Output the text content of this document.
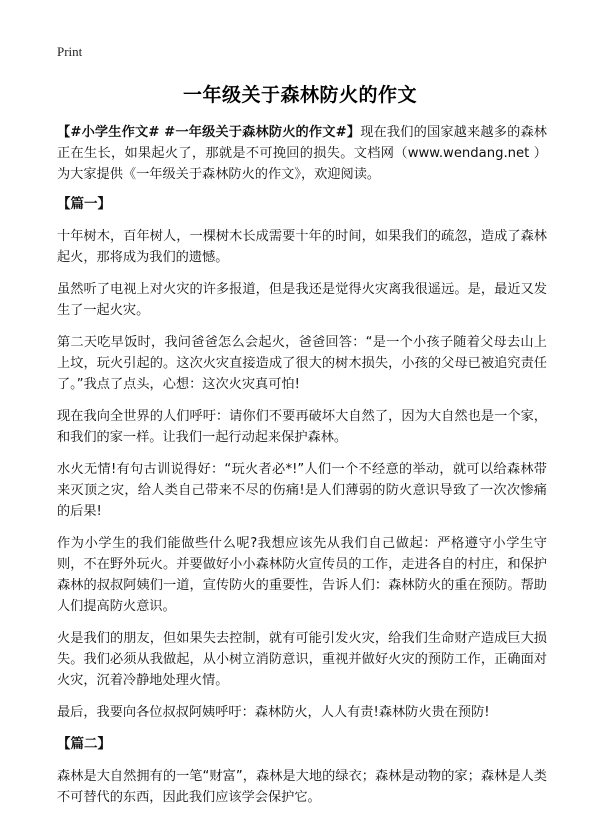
Print
一年级关于森林防火的作文

【#小学生作文# #一年级关于森林防火的作文#】现在我们的国家越来越多的森林正在生长，如果起火了，那就是不可挽回的损失。文档网（www.wendang.net ）为大家提供《一年级关于森林防火的作文》，欢迎阅读。

【篇一】

十年树木，百年树人，一棵树木长成需要十年的时间，如果我们的疏忽，造成了森林起火，那将成为我们的遗憾。

虽然听了电视上对火灾的许多报道，但是我还是觉得火灾离我很遥远。是，最近又发生了一起火灾。

第二天吃早饭时，我问爸爸怎么会起火，爸爸回答：“是一个小孩子随着父母去山上上坟，玩火引起的。这次火灾直接造成了很大的树木损失，小孩的父母已被追究责任了。”我点了点头，心想：这次火灾真可怕!

现在我向全世界的人们呼吁：请你们不要再破坏大自然了，因为大自然也是一个家，和我们的家一样。让我们一起行动起来保护森林。

水火无情!有句古训说得好：“玩火者必*!”人们一个不经意的举动，就可以给森林带来灭顶之灾，给人类自己带来不尽的伤痛!是人们薄弱的防火意识导致了一次次惨痛的后果!

作为小学生的我们能做些什么呢?我想应该先从我们自己做起：严格遵守小学生守则，不在野外玩火。并要做好小小森林防火宣传员的工作，走进各自的村庄，和保护森林的叔叔阿姨们一道，宣传防火的重要性，告诉人们：森林防火的重在预防。帮助人们提高防火意识。

火是我们的朋友，但如果失去控制，就有可能引发火灾，给我们生命财产造成巨大损失。我们必须从我做起，从小树立消防意识，重视并做好火灾的预防工作，正确面对火灾，沉着冷静地处理火情。

最后，我要向各位叔叔阿姨呼吁：森林防火，人人有责!森林防火贵在预防!

【篇二】

森林是大自然拥有的一笔“财富”，森林是大地的绿衣；森林是动物的家；森林是人类不可替代的东西，因此我们应该学会保护它。
